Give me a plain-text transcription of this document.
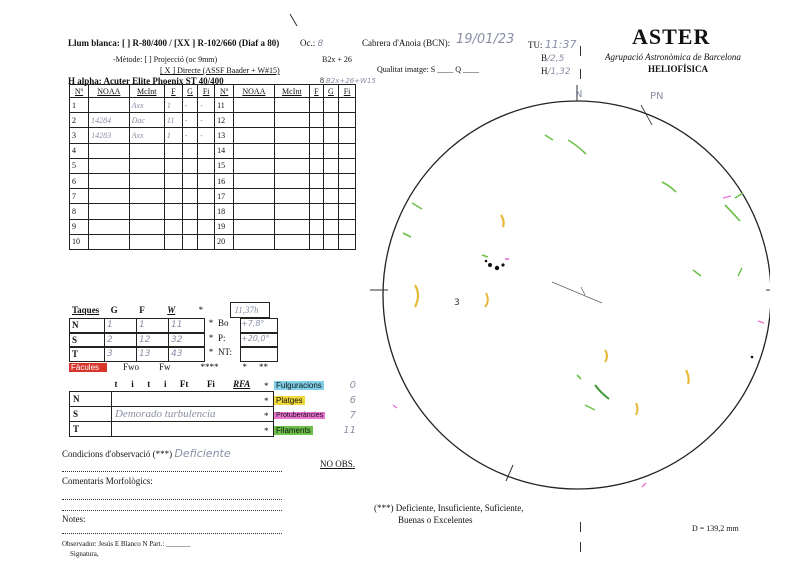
Llum blanca: [ ] R-80/400 / [XX ] R-102/660 (Diaf a 80) Oc.: 8	Cabrera d'Anoia (BCN): 19/01/23 TU: 11:37
-Mètode: [ ] Projecció (oc 9mm)	B2x + 26
Qualitat imatge: S ____ Q ____
[ X ] Directe (ASSF Baader + W#15)
B/2,5
H/1,32
H alpha: Acuter Elite Phoenix ST 40/400	8 B2x+26+W15
ASTER
Agrupació Astronòmica de Barcelona
HELIOFÍSICA
Nº	NOAA	McInt	F	G	Fi	Nº	NOAA	McInt	F	G	Fi
1		Axx	1	-	-	11					
2	14284	Dac	11	-	-	12					
3	14283	Axx	1	-	-	13					
4						14					
5						15					
6						16					
7						17					
8						18					
9						19					
10						20					
Taques	G	F	W	*		11,37h
N	1	1	11	* Bo	+7,8°
S	2	12	32	* P:	+20,0°
T	3	13	43	* NT:
Fàcules	Fwo Fw	****	* **
	t	i	t	i	Ft	Fi	RFA
N							
S	Demorado turbulencia						
T							
* Fulguracions	0
* Platges	6
*	Protuberàncies	7
* Filaments	11
Condicions d'observació (***) Deficiente
Comentaris Morfològics:
Notes:
Observador: Jesús E Blanco N Part.: _______
Signatura,
NO OBS.
(***) Deficiente, Insuficiente, Suficiente,
Buenas o Excelentes
D = 139,2 mm
N	PN
3
